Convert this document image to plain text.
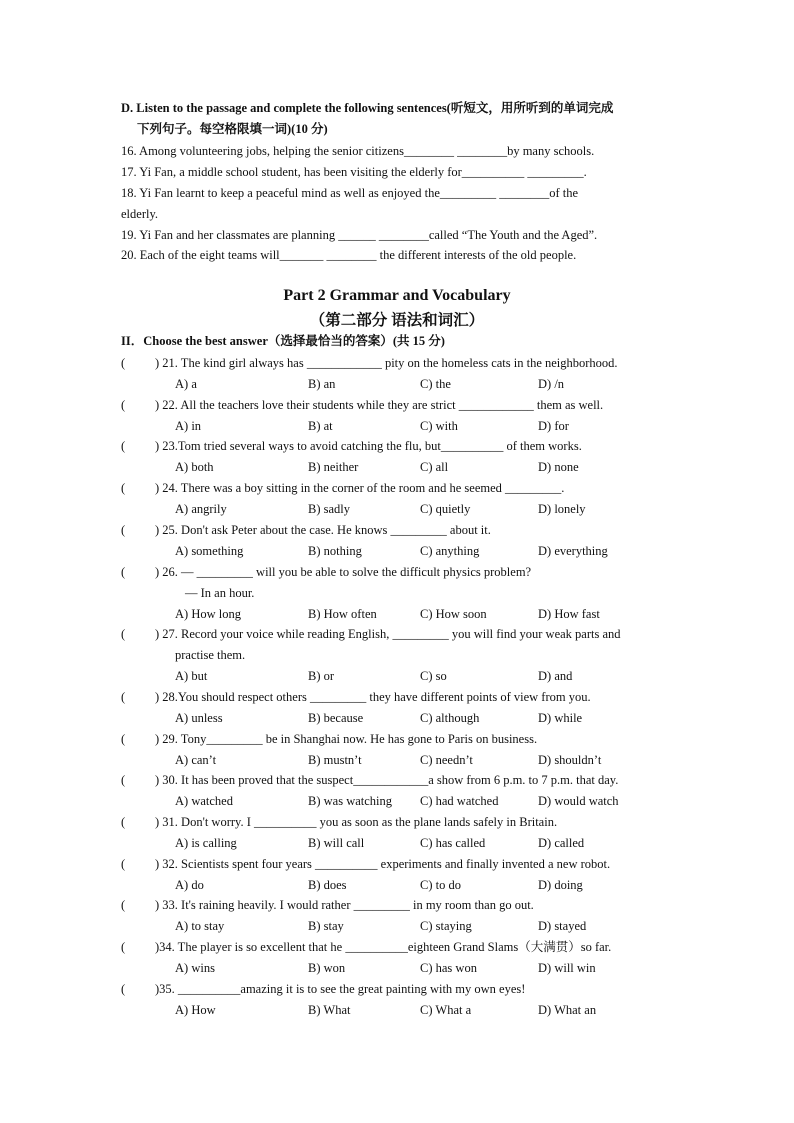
D. Listen to the passage and complete the following sentences(听短文，用所听到的单词完成
下列句子。每空格限填一词)(10 分)
16. Among volunteering jobs, helping the senior citizens________ ________by many schools.
17. Yi Fan, a middle school student, has been visiting the elderly for__________ _________.
18. Yi Fan learnt to keep a peaceful mind as well as enjoyed the_________ ________of the
elderly.
19. Yi Fan and her classmates are planning ______ ________called “The Youth and the Aged”.
20. Each of the eight teams will_______ ________ the different interests of the old people.
Part 2 Grammar and Vocabulary
（第二部分 语法和词汇）
II．Choose the best answer（选择最恰当的答案）(共 15 分)
( ) 21. The kind girl always has ____________ pity on the homeless cats in the neighborhood.
A) a	B) an	C) the	D) /n
( ) 22. All the teachers love their students while they are strict ____________ them as well.
A) in	B) at	C) with	D) for
( ) 23.Tom tried several ways to avoid catching the flu, but__________ of them works.
A) both	B) neither	C) all	D) none
( ) 24. There was a boy sitting in the corner of the room and he seemed _________.
A) angrily	B) sadly	C) quietly	D) lonely
( ) 25. Don't ask Peter about the case. He knows _________ about it.
A) something	B) nothing	C) anything	D) everything
( ) 26. — _________ will you be able to solve the difficult physics problem?
— In an hour.
A) How long	B) How often	C) How soon	D) How fast
( ) 27. Record your voice while reading English, _________ you will find your weak parts and
practise them.
A) but	B) or	C) so	D) and
( ) 28.You should respect others _________ they have different points of view from you.
A) unless	B) because	C) although	D) while
( ) 29. Tony_________ be in Shanghai now. He has gone to Paris on business.
A) can’t	B) mustn’t	C) needn’t	D) shouldn’t
( ) 30. It has been proved that the suspect____________a show from 6 p.m. to 7 p.m. that day.
A) watched	B) was watching C) had watched	D) would watch
( ) 31. Don't worry. I __________ you as soon as the plane lands safely in Britain.
A) is calling	B) will call	C) has called	D) called
( ) 32. Scientists spent four years __________ experiments and finally invented a new robot.
A) do	B) does	C) to do	D) doing
( ) 33. It's raining heavily. I would rather _________ in my room than go out.
A) to stay	B) stay	C) staying	D) stayed
( )34. The player is so excellent that he __________eighteen Grand Slams（大满贯）so far.
A) wins	B) won	C) has won	D) will win
( )35. __________amazing it is to see the great painting with my own eyes!
A) How	B) What	C) What a	D) What an
